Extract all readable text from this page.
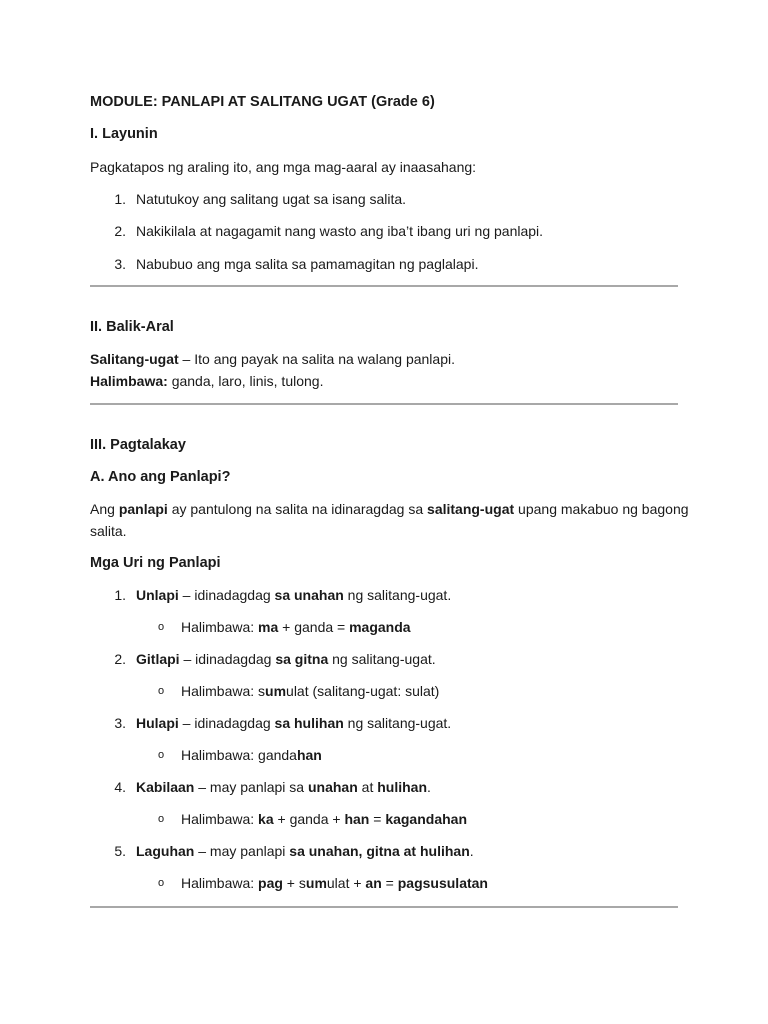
MODULE: PANLAPI AT SALITANG UGAT (Grade 6)
I. Layunin
Pagkatapos ng araling ito, ang mga mag-aaral ay inaasahang:
1. Natutukoy ang salitang ugat sa isang salita.
2. Nakikilala at nagagamit nang wasto ang iba’t ibang uri ng panlapi.
3. Nabubuo ang mga salita sa pamamagitan ng paglalapi.
II. Balik-Aral
Salitang-ugat – Ito ang payak na salita na walang panlapi.
Halimbawa: ganda, laro, linis, tulong.
III. Pagtalakay
A. Ano ang Panlapi?
Ang panlapi ay pantulong na salita na idinaragdag sa salitang-ugat upang makabuo ng bagong
salita.
Mga Uri ng Panlapi
1. Unlapi – idinadagdag sa unahan ng salitang-ugat.
o Halimbawa: ma + ganda = maganda
2. Gitlapi – idinadagdag sa gitna ng salitang-ugat.
o Halimbawa: sumulat (salitang-ugat: sulat)
3. Hulapi – idinadagdag sa hulihan ng salitang-ugat.
o Halimbawa: gandahan
4. Kabilaan – may panlapi sa unahan at hulihan.
o Halimbawa: ka + ganda + han = kagandahan
5. Laguhan – may panlapi sa unahan, gitna at hulihan.
o Halimbawa: pag + sumulat + an = pagsusulatan
